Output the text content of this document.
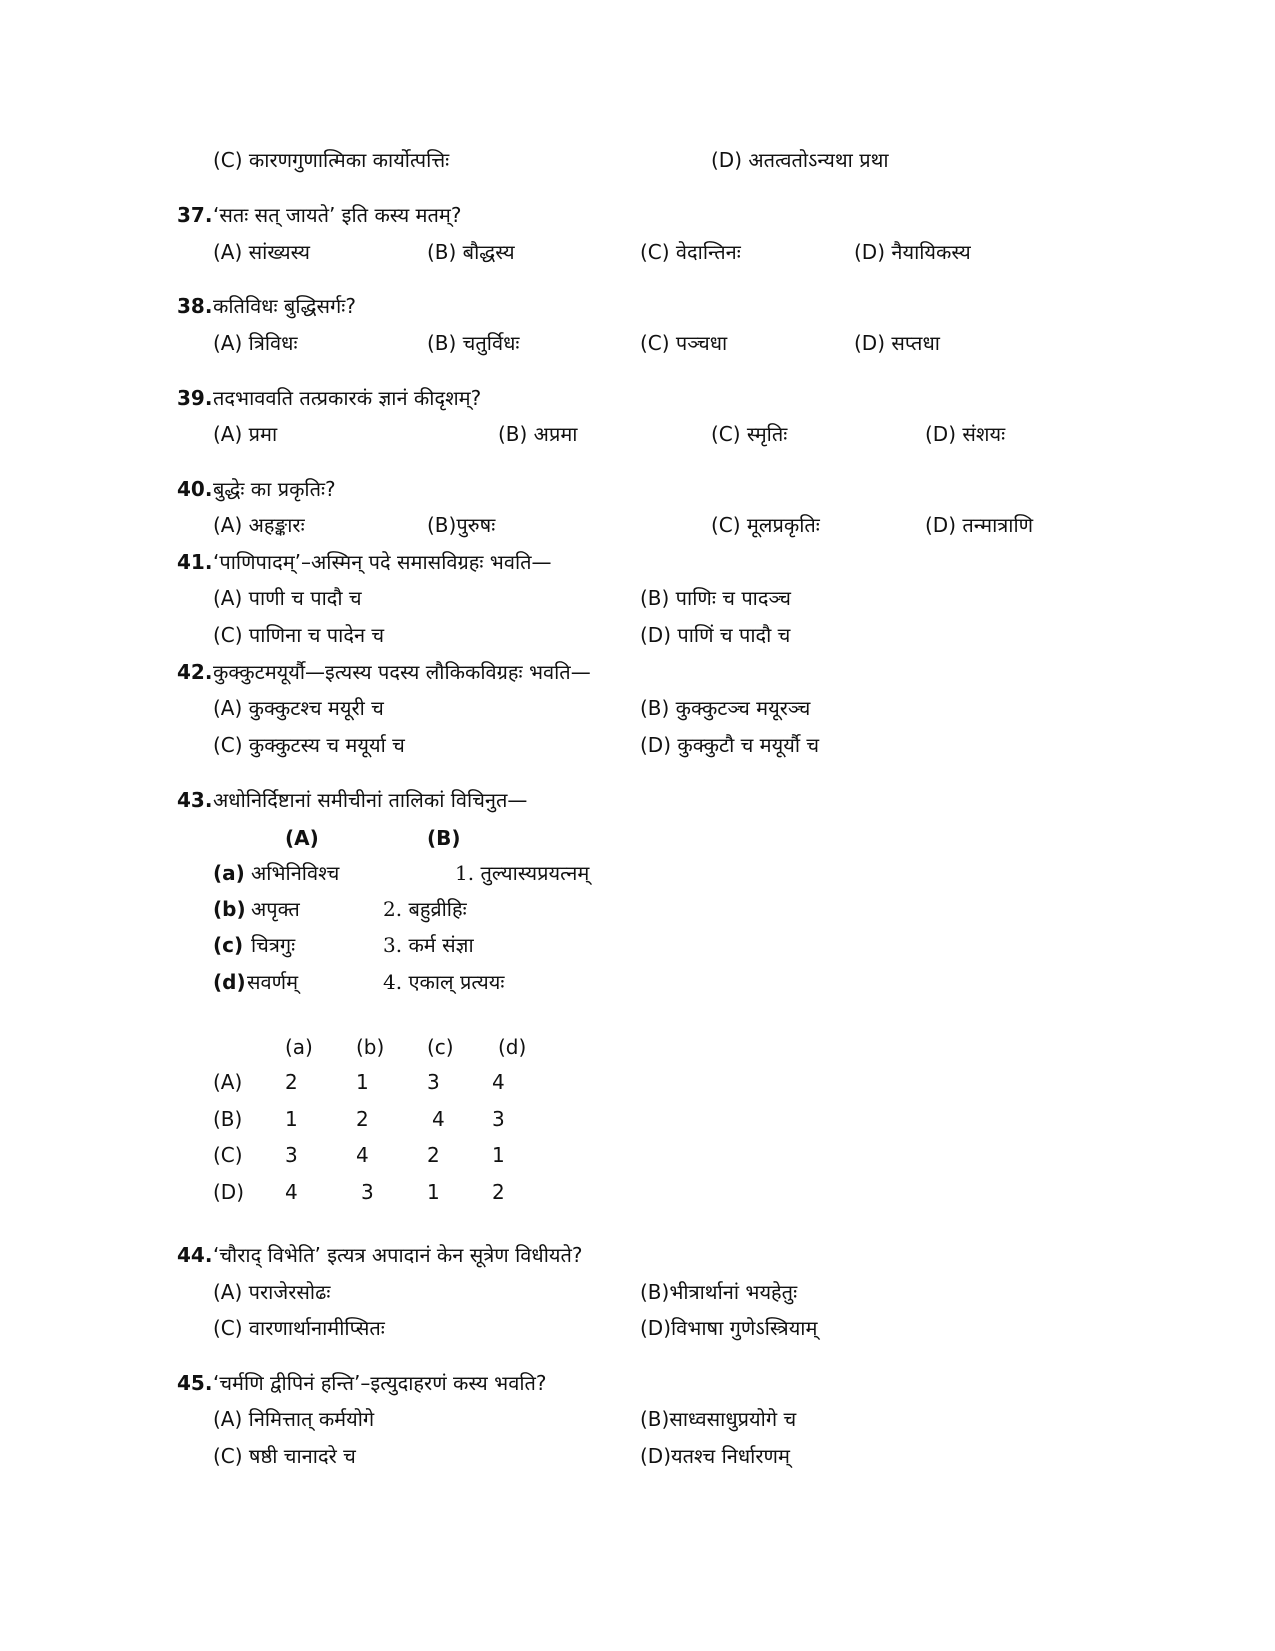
(C) कारणगुणात्मिका कार्योत्पत्तिः	(D) अतत्वतोऽन्यथा प्रथा
37. ‘सतः सत् जायते’ इति कस्य मतम्?
(A) सांख्यस्य	(B) बौद्धस्य	(C) वेदान्तिनः	(D) नैयायिकस्य
38. कतिविधः बुद्धिसर्गः?
(A) त्रिविधः	(B) चतुर्विधः	(C) पञ्चधा	(D) सप्तधा
39. तदभाववति तत्प्रकारकं ज्ञानं कीदृशम्?
(A) प्रमा	(B) अप्रमा	(C) स्मृतिः	(D) संशयः
40. बुद्धेः का प्रकृतिः?
(A) अहङ्कारः	(B)पुरुषः	(C) मूलप्रकृतिः	(D) तन्मात्राणि
41. ‘पाणिपादम्’–अस्मिन् पदे समासविग्रहः भवति—
(A) पाणी च पादौ च	(B) पाणिः च पादञ्च
(C) पाणिना च पादेन च	(D) पाणिं च पादौ च
42. कुक्कुटमयूर्यौ—इत्यस्य पदस्य लौकिकविग्रहः भवति—
(A) कुक्कुटश्च मयूरी च	(B) कुक्कुटञ्च मयूरञ्च
(C) कुक्कुटस्य च मयूर्या च	(D) कुक्कुटौ च मयूर्यौ च
43. अधोनिर्दिष्टानां समीचीनां तालिकां विचिनुत—
(A)	(B)
(a) अभिनिविश्च	1. तुल्यास्यप्रयत्नम्
(b) अपृक्त	2. बहुव्रीहिः
(c) चित्रगुः	3. कर्म संज्ञा
(d) सवर्णम्	4. एकाल् प्रत्ययः
(a) (b) (c) (d)
(A) 2	1	3	4
(B) 1	2	4 3
(C) 3	4	2	1
(D) 4	3	1	2
44. ‘चौराद् विभेति’ इत्यत्र अपादानं केन सूत्रेण विधीयते?
(A) पराजेरसोढः	(B)भीत्रार्थानां भयहेतुः
(C) वारणार्थानामीप्सितः	(D)विभाषा गुणेऽस्त्रियाम्
45. ‘चर्मणि द्वीपिनं हन्ति’–इत्युदाहरणं कस्य भवति?
(A) निमित्तात् कर्मयोगे	(B)साध्वसाधुप्रयोगे च
(C) षष्ठी चानादरे च	(D)यतश्च निर्धारणम्
